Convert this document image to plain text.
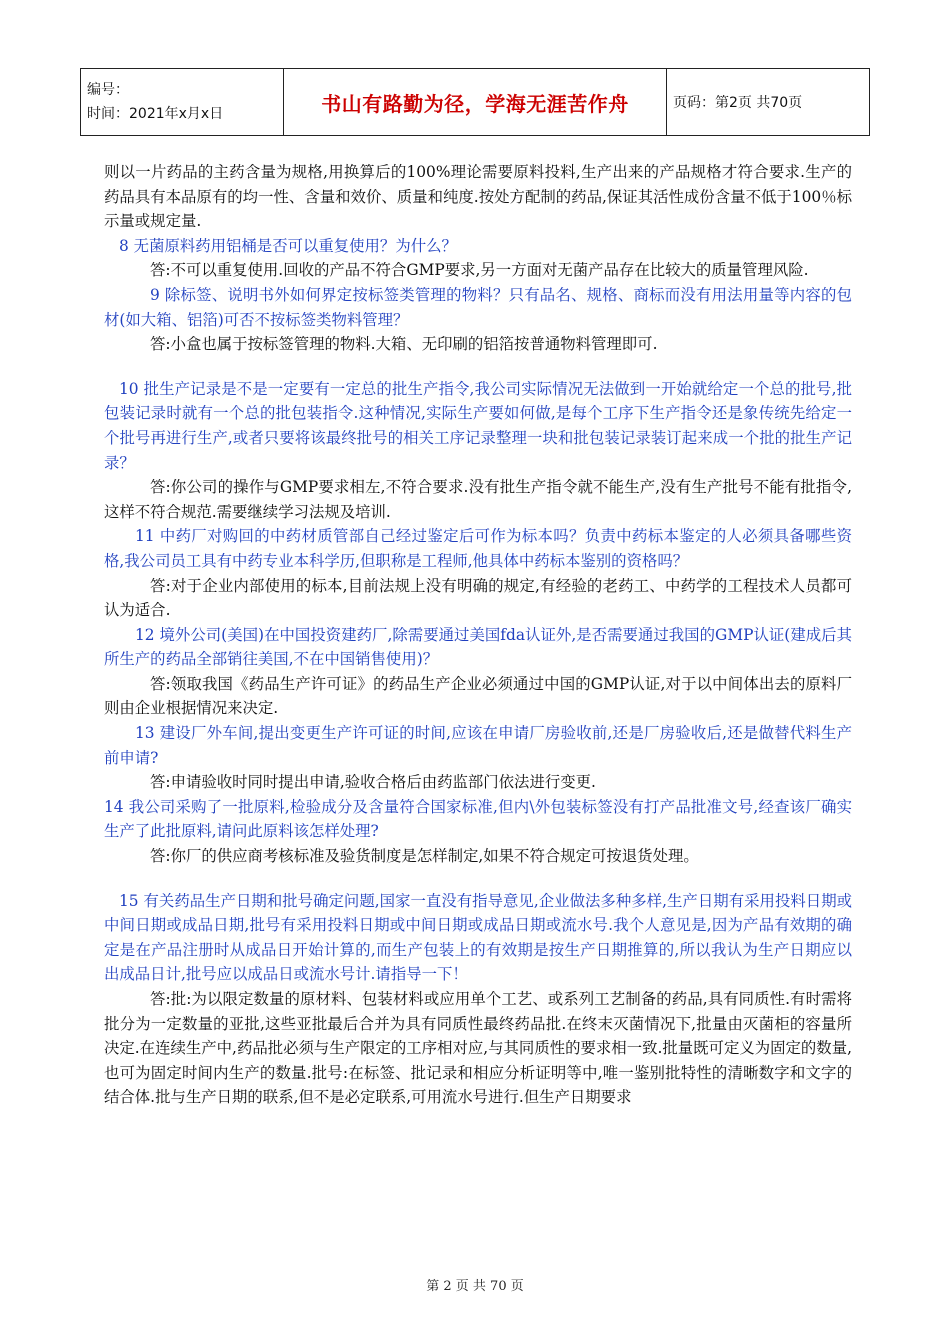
编号：
时间：2021年x月x日	书山有路勤为径，学海无涯苦作舟	页码：第2页 共70页

则以一片药品的主药含量为规格,用换算后的100%理论需要原料投料,生产出来的产品规格才符合要求.生产的药品具有本品原有的均一性、含量和效价、质量和纯度.按处方配制的药品,保证其活性成份含量不低于100％标示量或规定量.

8 无菌原料药用铝桶是否可以重复使用？为什么？

答:不可以重复使用.回收的产品不符合GMP要求,另一方面对无菌产品存在比较大的质量管理风险.

9 除标签、说明书外如何界定按标签类管理的物料？只有品名、规格、商标而没有用法用量等内容的包材(如大箱、铝箔)可否不按标签类物料管理？

答:小盒也属于按标签管理的物料.大箱、无印刷的铝箔按普通物料管理即可.

10 批生产记录是不是一定要有一定总的批生产指令,我公司实际情况无法做到一开始就给定一个总的批号,批包装记录时就有一个总的批包装指令.这种情况,实际生产要如何做,是每个工序下生产指令还是象传统先给定一个批号再进行生产,或者只要将该最终批号的相关工序记录整理一块和批包装记录装订起来成一个批的批生产记录？

答:你公司的操作与GMP要求相左,不符合要求.没有批生产指令就不能生产,没有生产批号不能有批指令,这样不符合规范.需要继续学习法规及培训.

11 中药厂对购回的中药材质管部自己经过鉴定后可作为标本吗？负责中药标本鉴定的人必须具备哪些资格,我公司员工具有中药专业本科学历,但职称是工程师,他具体中药标本鉴别的资格吗？

答:对于企业内部使用的标本,目前法规上没有明确的规定,有经验的老药工、中药学的工程技术人员都可认为适合.

12 境外公司(美国)在中国投资建药厂,除需要通过美国fda认证外,是否需要通过我国的GMP认证(建成后其所生产的药品全部销往美国,不在中国销售使用)？

答:领取我国《药品生产许可证》的药品生产企业必须通过中国的GMP认证,对于以中间体出去的原料厂则由企业根据情况来决定.

13 建设厂外车间,提出变更生产许可证的时间,应该在申请厂房验收前,还是厂房验收后,还是做替代料生产前申请?

答:申请验收时同时提出申请,验收合格后由药监部门依法进行变更.

14 我公司采购了一批原料,检验成分及含量符合国家标准,但内\外包装标签没有打产品批准文号,经查该厂确实生产了此批原料,请问此原料该怎样处理?

答:你厂的供应商考核标准及验货制度是怎样制定,如果不符合规定可按退货处理。

15 有关药品生产日期和批号确定问题,国家一直没有指导意见,企业做法多种多样,生产日期有采用投料日期或中间日期或成品日期,批号有采用投料日期或中间日期或成品日期或流水号.我个人意见是,因为产品有效期的确定是在产品注册时从成品日开始计算的,而生产包装上的有效期是按生产日期推算的,所以我认为生产日期应以出成品日计,批号应以成品日或流水号计.请指导一下！

答:批:为以限定数量的原材料、包装材料或应用单个工艺、或系列工艺制备的药品,具有同质性.有时需将批分为一定数量的亚批,这些亚批最后合并为具有同质性最终药品批.在终末灭菌情况下,批量由灭菌柜的容量所决定.在连续生产中,药品批必须与生产限定的工序相对应,与其同质性的要求相一致.批量既可定义为固定的数量,也可为固定时间内生产的数量.批号:在标签、批记录和相应分析证明等中,唯一鉴别批特性的清晰数字和文字的结合体.批与生产日期的联系,但不是必定联系,可用流水号进行.但生产日期要求

第 2 页 共 70 页
